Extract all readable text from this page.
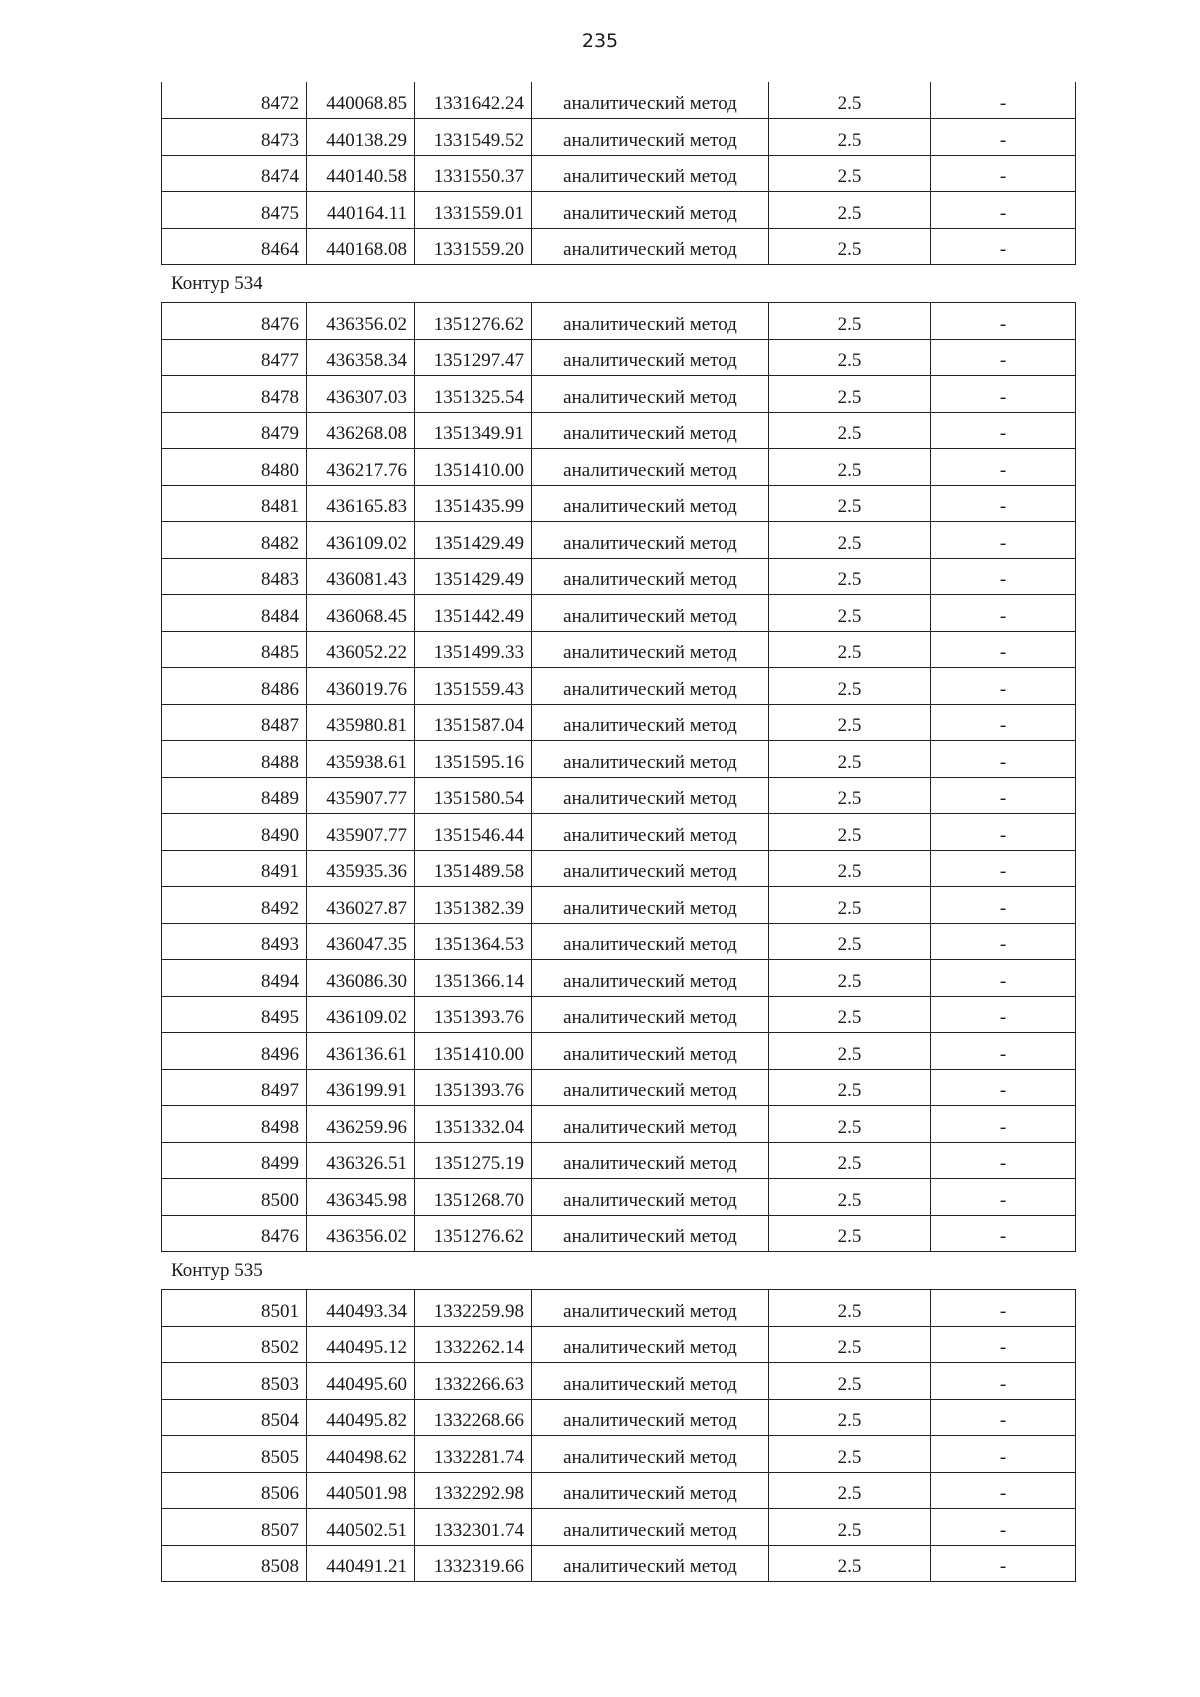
235
8472	440068.85	1331642.24	аналитический метод	2.5	-
8473	440138.29	1331549.52	аналитический метод	2.5	-
8474	440140.58	1331550.37	аналитический метод	2.5	-
8475	440164.11	1331559.01	аналитический метод	2.5	-
8464	440168.08	1331559.20	аналитический метод	2.5	-
Контур 534
8476	436356.02	1351276.62	аналитический метод	2.5	-
8477	436358.34	1351297.47	аналитический метод	2.5	-
8478	436307.03	1351325.54	аналитический метод	2.5	-
8479	436268.08	1351349.91	аналитический метод	2.5	-
8480	436217.76	1351410.00	аналитический метод	2.5	-
8481	436165.83	1351435.99	аналитический метод	2.5	-
8482	436109.02	1351429.49	аналитический метод	2.5	-
8483	436081.43	1351429.49	аналитический метод	2.5	-
8484	436068.45	1351442.49	аналитический метод	2.5	-
8485	436052.22	1351499.33	аналитический метод	2.5	-
8486	436019.76	1351559.43	аналитический метод	2.5	-
8487	435980.81	1351587.04	аналитический метод	2.5	-
8488	435938.61	1351595.16	аналитический метод	2.5	-
8489	435907.77	1351580.54	аналитический метод	2.5	-
8490	435907.77	1351546.44	аналитический метод	2.5	-
8491	435935.36	1351489.58	аналитический метод	2.5	-
8492	436027.87	1351382.39	аналитический метод	2.5	-
8493	436047.35	1351364.53	аналитический метод	2.5	-
8494	436086.30	1351366.14	аналитический метод	2.5	-
8495	436109.02	1351393.76	аналитический метод	2.5	-
8496	436136.61	1351410.00	аналитический метод	2.5	-
8497	436199.91	1351393.76	аналитический метод	2.5	-
8498	436259.96	1351332.04	аналитический метод	2.5	-
8499	436326.51	1351275.19	аналитический метод	2.5	-
8500	436345.98	1351268.70	аналитический метод	2.5	-
8476	436356.02	1351276.62	аналитический метод	2.5	-
Контур 535
8501	440493.34	1332259.98	аналитический метод	2.5	-
8502	440495.12	1332262.14	аналитический метод	2.5	-
8503	440495.60	1332266.63	аналитический метод	2.5	-
8504	440495.82	1332268.66	аналитический метод	2.5	-
8505	440498.62	1332281.74	аналитический метод	2.5	-
8506	440501.98	1332292.98	аналитический метод	2.5	-
8507	440502.51	1332301.74	аналитический метод	2.5	-
8508	440491.21	1332319.66	аналитический метод	2.5	-
